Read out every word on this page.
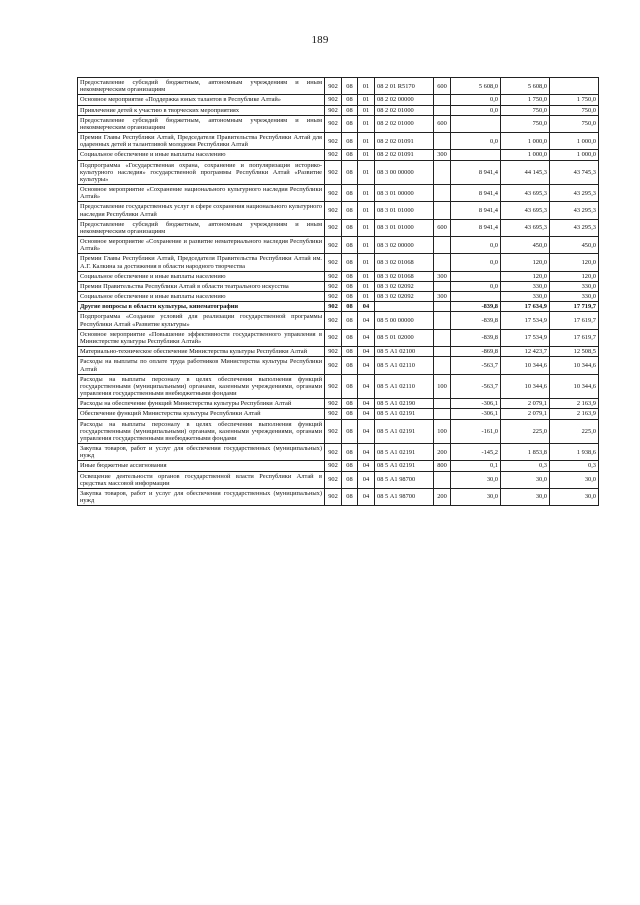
189
Предоставление субсидий бюджетным, автономным учреждениям и иным некоммерческим организациям	902	08	01	08 2 01 R5170	600	5 608,0	5 608,0	
Основное мероприятие «Поддержка юных талантов в Республике Алтай»	902	08	01	08 2 02 00000		0,0	1 750,0	1 750,0
Привлечение детей к участию в творческих мероприятиях	902	08	01	08 2 02 01000		0,0	750,0	750,0
Предоставление субсидий бюджетным, автономным учреждениям и иным некоммерческим организациям	902	08	01	08 2 02 01000	600		750,0	750,0
Премии Главы Республики Алтай, Председателя Правительства Республики Алтай для одаренных детей и талантливой молодежи Республики Алтай	902	08	01	08 2 02 01091		0,0	1 000,0	1 000,0
Социальное обеспечение и иные выплаты населению	902	08	01	08 2 02 01091	300		1 000,0	1 000,0
Подпрограмма «Государственная охрана, сохранение и популяризация историко-культурного наследия» государственной программы Республики Алтай «Развитие культуры»	902	08	01	08 3 00 00000		8 941,4	44 145,3	43 745,3
Основное мероприятие «Сохранение национального культурного наследия Республики Алтай»	902	08	01	08 3 01 00000		8 941,4	43 695,3	43 295,3
Предоставление государственных услуг в сфере сохранения национального культурного наследия Республики Алтай	902	08	01	08 3 01 01000		8 941,4	43 695,3	43 295,3
Предоставление субсидий бюджетным, автономным учреждениям и иным некоммерческим организациям	902	08	01	08 3 01 01000	600	8 941,4	43 695,3	43 295,3
Основное мероприятие «Сохранение и развитие нематериального наследия Республики Алтай»	902	08	01	08 3 02 00000		0,0	450,0	450,0
Премии Главы Республики Алтай, Председателя Правительства Республики Алтай им. А.Г. Калкина за достижения в области народного творчества	902	08	01	08 3 02 01068		0,0	120,0	120,0
Социальное обеспечение и иные выплаты населению	902	08	01	08 3 02 01068	300		120,0	120,0
Премии Правительства Республики Алтай в области театрального искусства	902	08	01	08 3 02 02092		0,0	330,0	330,0
Социальное обеспечение и иные выплаты населению	902	08	01	08 3 02 02092	300		330,0	330,0
Другие вопросы в области культуры, кинематографии	902	08	04			-839,8	17 634,9	17 719,7
Подпрограмма «Создание условий для реализации государственной программы Республики Алтай «Развитие культуры»	902	08	04	08 5 00 00000		-839,8	17 534,9	17 619,7
Основное мероприятие «Повышение эффективности государственного управления в Министерстве культуры Республики Алтай»	902	08	04	08 5 01 02000		-839,8	17 534,9	17 619,7
Материально-техническое обеспечение Министерства культуры Республики Алтай	902	08	04	08 5 А1 02100		-869,8	12 423,7	12 508,5
Расходы на выплаты по оплате труда работников Министерства культуры Республики Алтай	902	08	04	08 5 А1 02110		-563,7	10 344,6	10 344,6
Расходы на выплаты персоналу в целях обеспечения выполнения функций государственными (муниципальными) органами, казенными учреждениями, органами управления государственными внебюджетными фондами	902	08	04	08 5 А1 02110	100	-563,7	10 344,6	10 344,6
Расходы на обеспечение функций Министерства культуры Республики Алтай	902	08	04	08 5 А1 02190		-306,1	2 079,1	2 163,9
Обеспечение функций Министерства культуры Республики Алтай	902	08	04	08 5 А1 02191		-306,1	2 079,1	2 163,9
Расходы на выплаты персоналу в целях обеспечения выполнения функций государственными (муниципальными) органами, казенными учреждениями, органами управления государственными внебюджетными фондами	902	08	04	08 5 А1 02191	100	-161,0	225,0	225,0
Закупка товаров, работ и услуг для обеспечения государственных (муниципальных) нужд	902	08	04	08 5 А1 02191	200	-145,2	1 853,8	1 938,6
Иные бюджетные ассигнования	902	08	04	08 5 А1 02191	800	0,1	0,3	0,3
Освещение деятельности органов государственной власти Республики Алтай в средствах массовой информации	902	08	04	08 5 А1 98700		30,0	30,0	30,0
Закупка товаров, работ и услуг для обеспечения государственных (муниципальных) нужд	902	08	04	08 5 А1 98700	200	30,0	30,0	30,0
